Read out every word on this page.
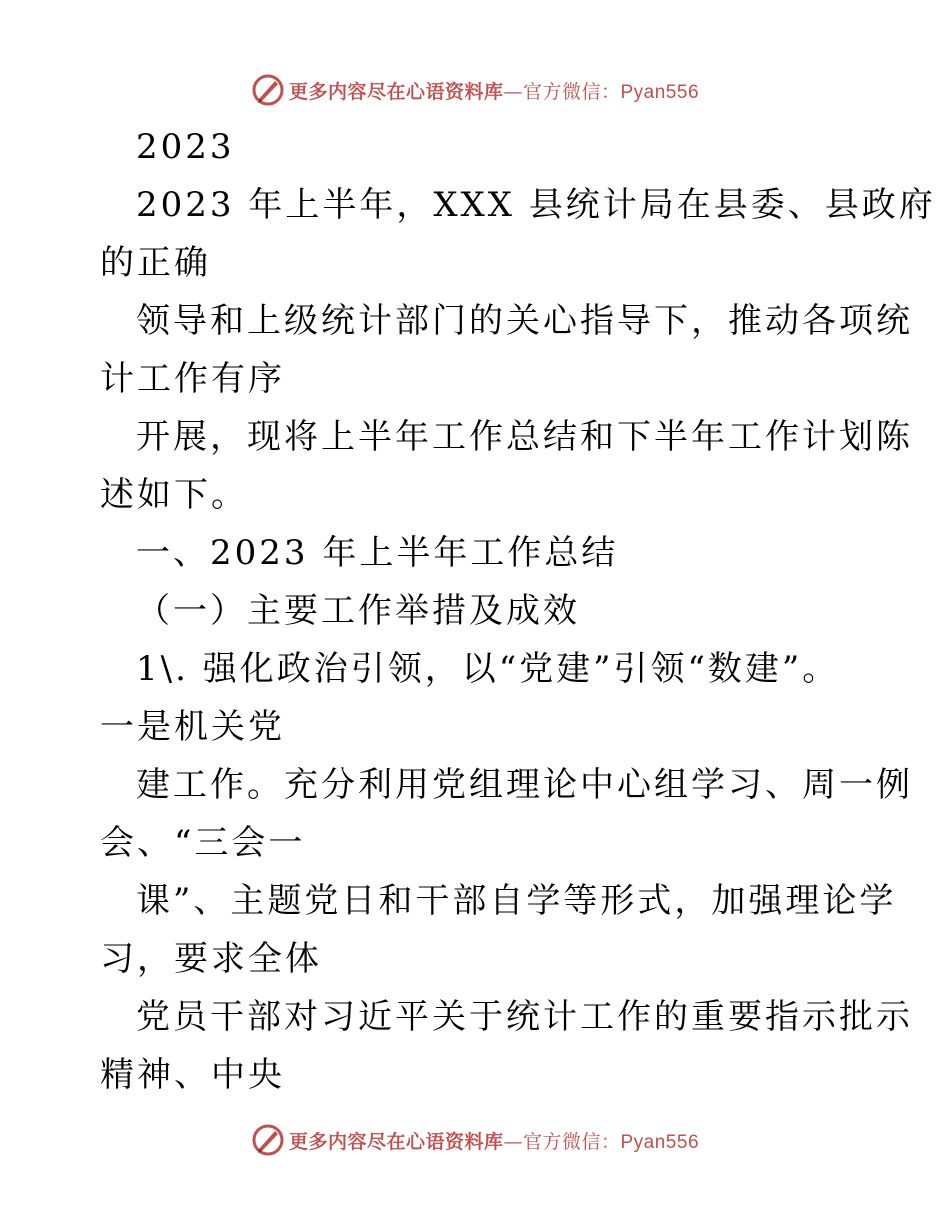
更多内容尽在心语资料库—官方微信：Pyan556
2023
2023 年上半年，XXX 县统计局在县委、县政府
的正确
领导和上级统计部门的关心指导下，推动各项统
计工作有序
开展，现将上半年工作总结和下半年工作计划陈
述如下。
一、2023 年上半年工作总结
（一）主要工作举措及成效
1\. 强化政治引领，以“党建”引领“数建”。
一是机关党
建工作。充分利用党组理论中心组学习、周一例
会、“三会一
课”、主题党日和干部自学等形式，加强理论学
习，要求全体
党员干部对习近平关于统计工作的重要指示批示
精神、中央
更多内容尽在心语资料库—官方微信：Pyan556
